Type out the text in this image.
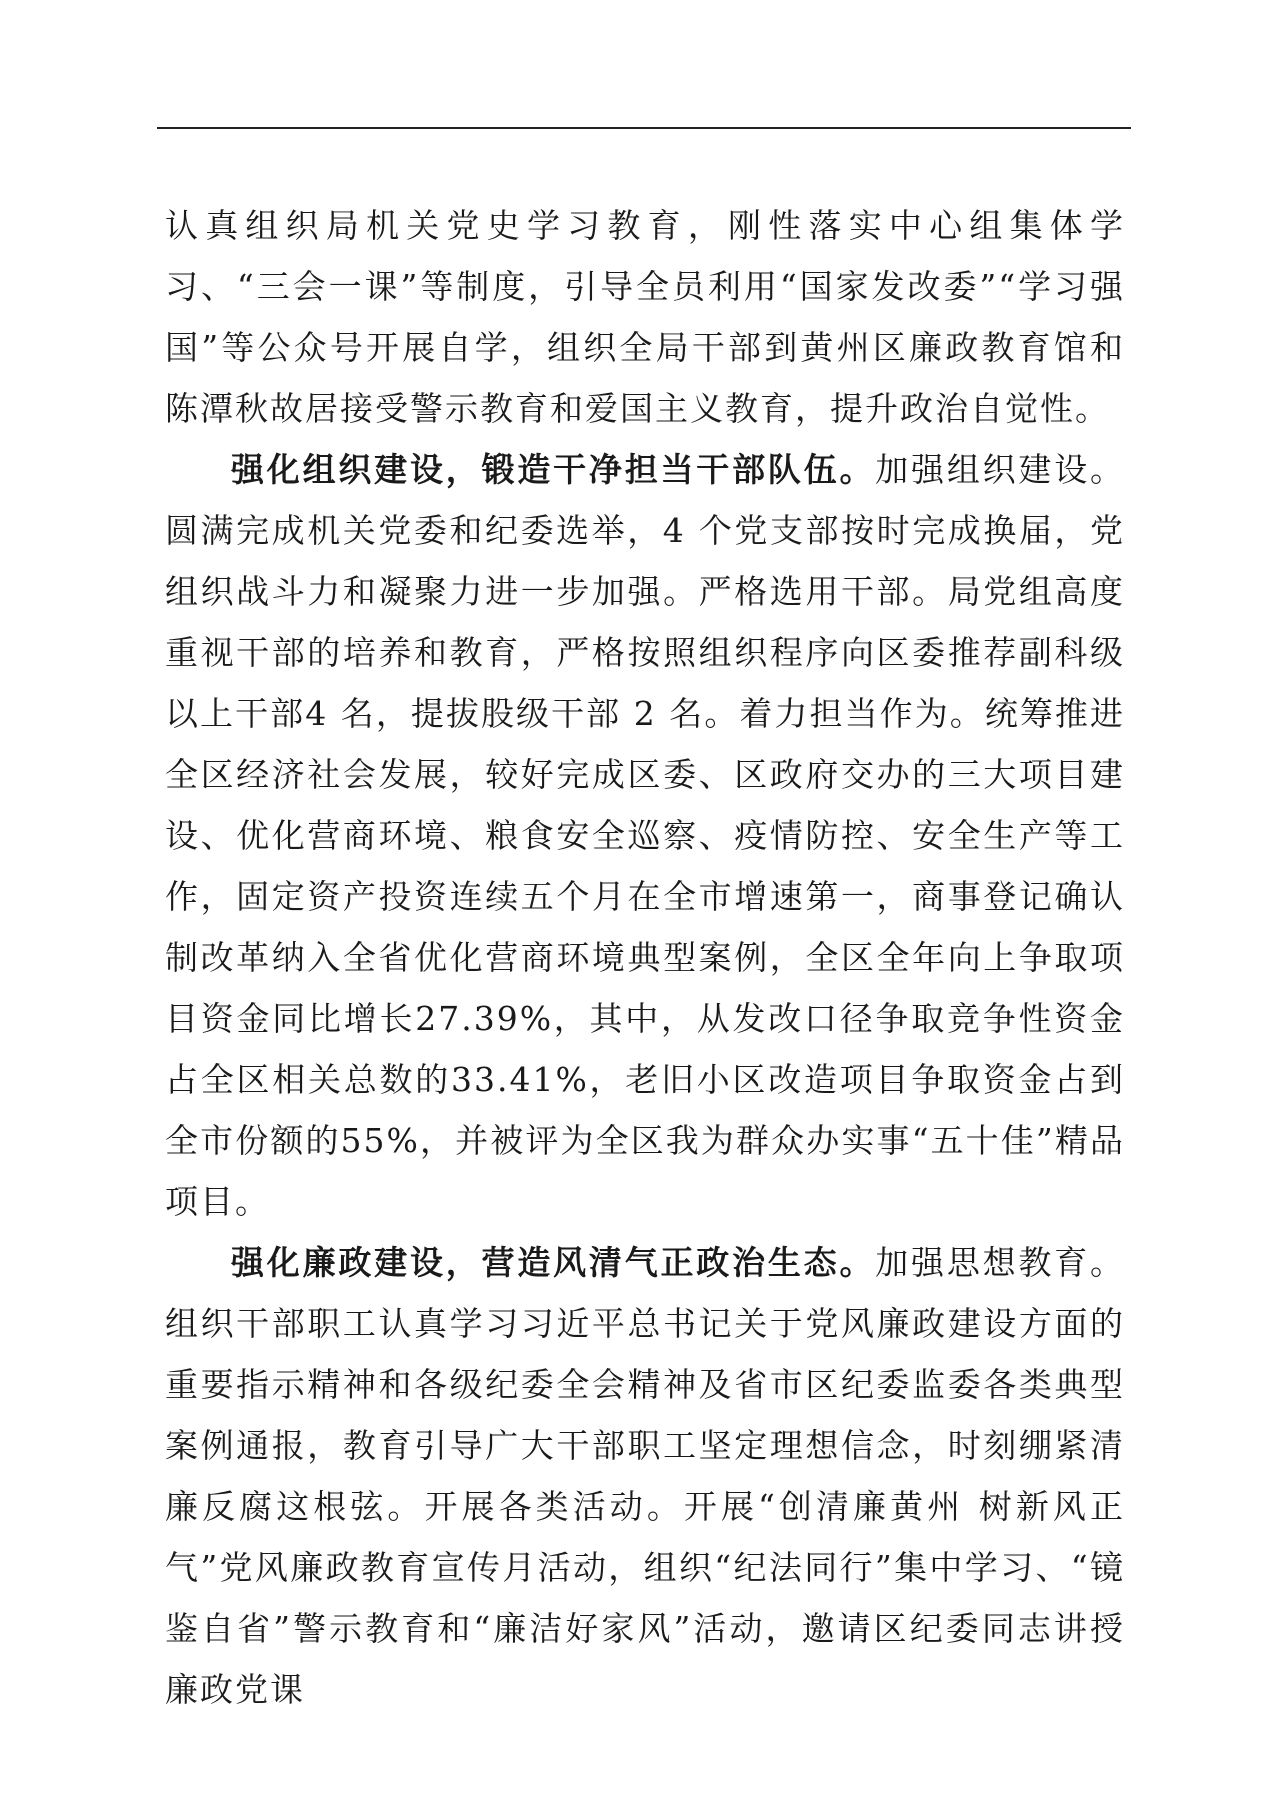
认真组织局机关党史学习教育，刚性落实中心组集体学习、“三会一课”等制度，引导全员利用“国家发改委”“学习强国”等公众号开展自学，组织全局干部到黄州区廉政教育馆和陈潭秋故居接受警示教育和爱国主义教育，提升政治自觉性。

强化组织建设，锻造干净担当干部队伍。加强组织建设。圆满完成机关党委和纪委选举，4 个党支部按时完成换届，党组织战斗力和凝聚力进一步加强。严格选用干部。局党组高度重视干部的培养和教育，严格按照组织程序向区委推荐副科级以上干部4 名，提拔股级干部 2 名。着力担当作为。统筹推进全区经济社会发展，较好完成区委、区政府交办的三大项目建设、优化营商环境、粮食安全巡察、疫情防控、安全生产等工作，固定资产投资连续五个月在全市增速第一，商事登记确认制改革纳入全省优化营商环境典型案例，全区全年向上争取项目资金同比增长27.39%，其中，从发改口径争取竞争性资金占全区相关总数的33.41%，老旧小区改造项目争取资金占到全市份额的55%，并被评为全区我为群众办实事“五十佳”精品项目。

强化廉政建设，营造风清气正政治生态。加强思想教育。组织干部职工认真学习习近平总书记关于党风廉政建设方面的重要指示精神和各级纪委全会精神及省市区纪委监委各类典型案例通报，教育引导广大干部职工坚定理想信念，时刻绷紧清廉反腐这根弦。开展各类活动。开展“创清廉黄州 树新风正气”党风廉政教育宣传月活动，组织“纪法同行”集中学习、“镜鉴自省”警示教育和“廉洁好家风”活动，邀请区纪委同志讲授廉政党课
